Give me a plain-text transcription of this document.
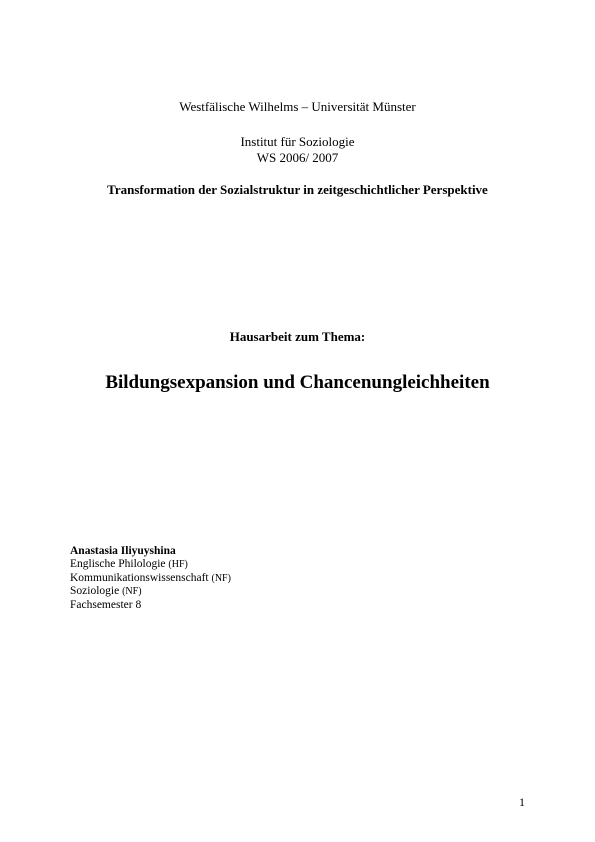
Westfälische Wilhelms – Universität Münster
Institut für Soziologie
WS 2006/ 2007
Transformation der Sozialstruktur in zeitgeschichtlicher Perspektive
Hausarbeit zum Thema:
Bildungsexpansion und Chancenungleichheiten
Anastasia Iliyuyshina
Englische Philologie (HF)
Kommunikationswissenschaft (NF)
Soziologie (NF)
Fachsemester 8
1
